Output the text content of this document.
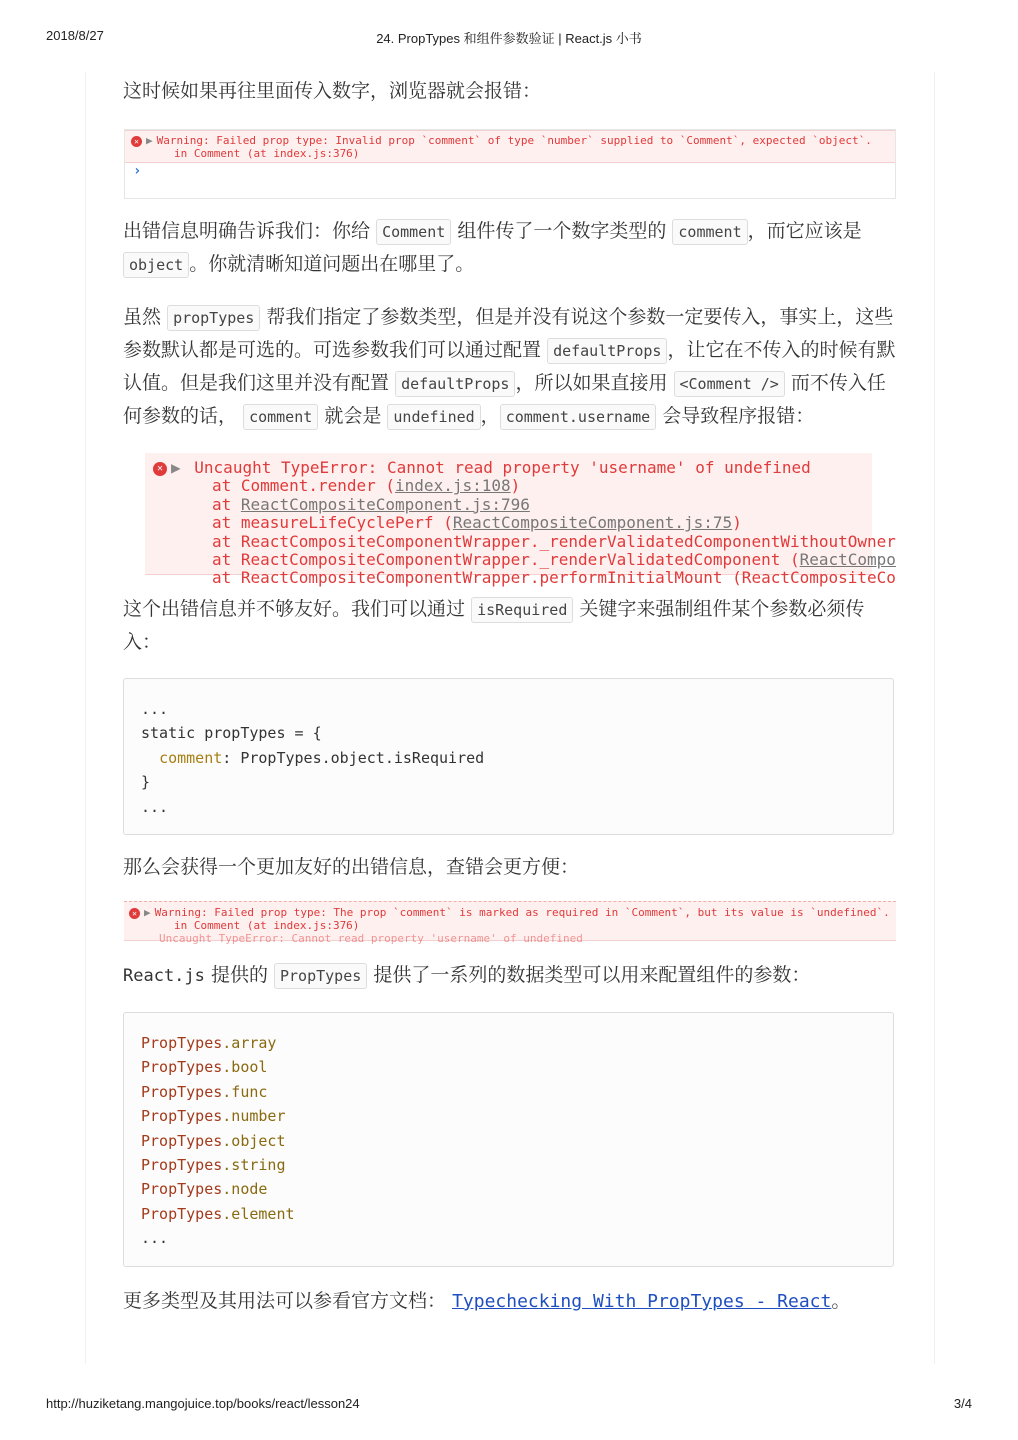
2018/8/27	24. PropTypes 和组件参数验证 | React.js 小书

这时候如果再往里面传入数字，浏览器就会报错：

✕ ▶ Warning: Failed prop type: Invalid prop `comment` of type `number` supplied to `Comment`, expected `object`.
in Comment (at index.js:376)
›

出错信息明确告诉我们：你给 Comment 组件传了一个数字类型的 comment ，而它应该是 object 。你就清晰知道问题出在哪里了。

虽然 propTypes 帮我们指定了参数类型，但是并没有说这个参数一定要传入，事实上，这些参数默认都是可选的。可选参数我们可以通过配置 defaultProps ，让它在不传入的时候有默认值。但是我们这里并没有配置 defaultProps ，所以如果直接用 <Comment /> 而不传入任何参数的话， comment 就会是 undefined ， comment.username 会导致程序报错：

✕ ▶ Uncaught TypeError: Cannot read property 'username' of undefined
at Comment.render (index.js:108)
at ReactCompositeComponent.js:796
at measureLifeCyclePerf (ReactCompositeComponent.js:75)
at ReactCompositeComponentWrapper._renderValidatedComponentWithoutOwner
at ReactCompositeComponentWrapper._renderValidatedComponent (ReactCompo
at ReactCompositeComponentWrapper.performInitialMount (ReactCompositeCo

这个出错信息并不够友好。我们可以通过 isRequired 关键字来强制组件某个参数必须传入：

...
static propTypes = {
comment: PropTypes.object.isRequired
}
...

那么会获得一个更加友好的出错信息，查错会更方便：

✕ ▶ Warning: Failed prop type: The prop `comment` is marked as required in `Comment`, but its value is `undefined`.
in Comment (at index.js:376)
Uncaught TypeError: Cannot read property 'username' of undefined

React.js 提供的 PropTypes 提供了一系列的数据类型可以用来配置组件的参数：

PropTypes.array
PropTypes.bool
PropTypes.func
PropTypes.number
PropTypes.object
PropTypes.string
PropTypes.node
PropTypes.element
...

更多类型及其用法可以参看官方文档： Typechecking With PropTypes - React。

http://huziketang.mangojuice.top/books/react/lesson24	3/4
